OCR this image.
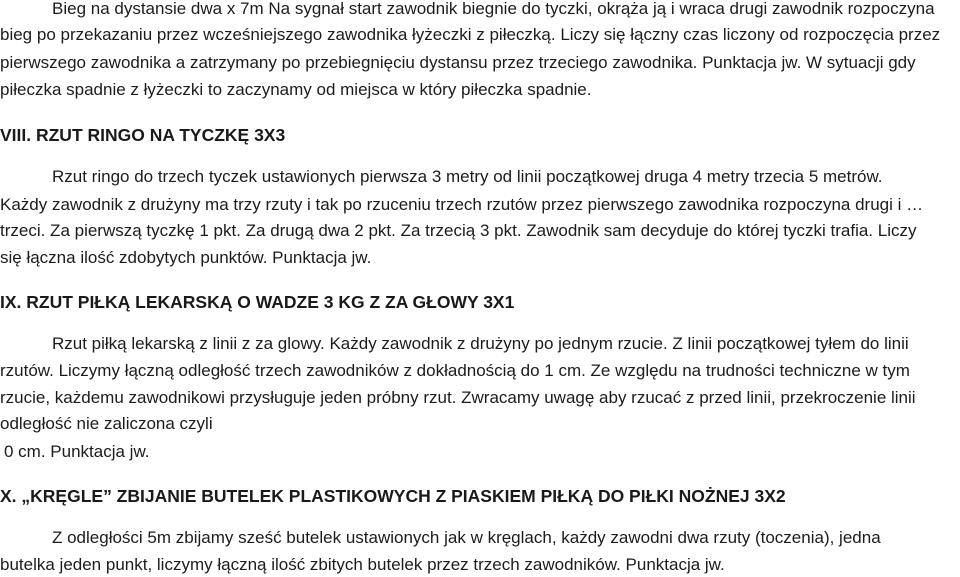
Bieg na dystansie dwa x 7m Na sygnał start zawodnik biegnie do tyczki, okrąża ją i wraca drugi zawodnik rozpoczyna
bieg po przekazaniu przez wcześniejszego zawodnika łyżeczki z piłeczką. Liczy się łączny czas liczony od rozpoczęcia przez
pierwszego zawodnika a zatrzymany po przebiegnięciu dystansu przez trzeciego zawodnika. Punktacja jw. W sytuacji gdy
piłeczka spadnie z łyżeczki to zaczynamy od miejsca w który piłeczka spadnie.
VIII. RZUT RINGO NA TYCZKĘ 3X3
Rzut ringo do trzech tyczek ustawionych pierwsza 3 metry od linii początkowej druga 4 metry trzecia 5 metrów.
Każdy zawodnik z drużyny ma trzy rzuty i tak po rzuceniu trzech rzutów przez pierwszego zawodnika rozpoczyna drugi i …
trzeci. Za pierwszą tyczkę 1 pkt. Za drugą dwa 2 pkt. Za trzecią 3 pkt. Zawodnik sam decyduje do której tyczki trafia. Liczy
się łączna ilość zdobytych punktów. Punktacja jw.
IX. RZUT PIŁKĄ LEKARSKĄ O WADZE 3 KG Z ZA GŁOWY 3X1
Rzut piłką lekarską z linii z za glowy. Każdy zawodnik z drużyny po jednym rzucie. Z linii początkowej tyłem do linii
rzutów. Liczymy łączną odległość trzech zawodników z dokładnością do 1 cm. Ze względu na trudności techniczne w tym
rzucie, każdemu zawodnikowi przysługuje jeden próbny rzut. Zwracamy uwagę aby rzucać z przed linii, przekroczenie linii
odległość nie zaliczona czyli
0 cm. Punktacja jw.
X. „KRĘGLE” ZBIJANIE BUTELEK PLASTIKOWYCH Z PIASKIEM PIŁKĄ DO PIŁKI NOŻNEJ 3X2
Z odległości 5m zbijamy sześć butelek ustawionych jak w kręglach, każdy zawodni dwa rzuty (toczenia), jedna
butelka jeden punkt, liczymy łączną ilość zbitych butelek przez trzech zawodników. Punktacja jw.
